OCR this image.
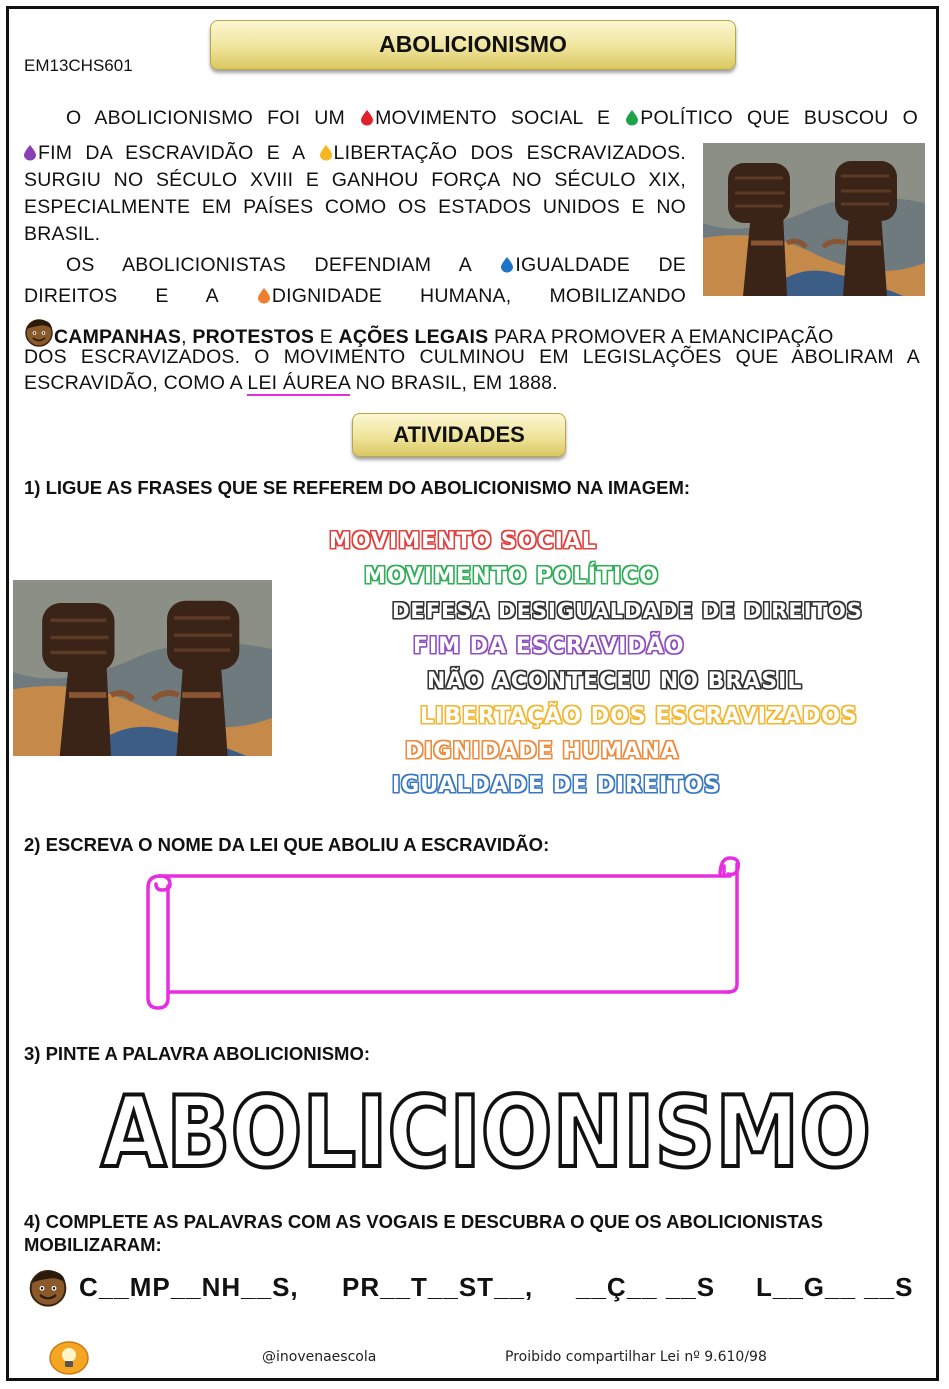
EM13CHS601
ABOLICIONISMO
O ABOLICIONISMO FOI UM MOVIMENTO SOCIAL E POLÍTICO QUE BUSCOU O
FIM DA ESCRAVIDÃO E A LIBERTAÇÃO DOS ESCRAVIZADOS.
SURGIU NO SÉCULO XVIII E GANHOU FORÇA NO SÉCULO XIX,
ESPECIALMENTE EM PAÍSES COMO OS ESTADOS UNIDOS E NO
BRASIL.
OS ABOLICIONISTAS DEFENDIAM A IGUALDADE DE
DIREITOS E A	DIGNIDADE HUMANA, MOBILIZANDO
CAMPANHAS, PROTESTOS E AÇÕES LEGAIS PARA PROMOVER A EMANCIPAÇÃO
DOS ESCRAVIZADOS. O MOVIMENTO CULMINOU EM LEGISLAÇÕES QUE ABOLIRAM A
ESCRAVIDÃO, COMO A LEI ÁUREA NO BRASIL, EM 1888.
ATIVIDADES
1) LIGUE AS FRASES QUE SE REFEREM DO ABOLICIONISMO NA IMAGEM:
MOVIMENTO SOCIAL
MOVIMENTO POLÍTICO
DEFESA DESIGUALDADE DE DIREITOS
FIM DA ESCRAVIDÃO
NÃO ACONTECEU NO BRASIL
LIBERTAÇÃO DOS ESCRAVIZADOS
DIGNIDADE HUMANA
IGUALDADE DE DIREITOS
2) ESCREVA O NOME DA LEI QUE ABOLIU A ESCRAVIDÃO:
3) PINTE A PALAVRA ABOLICIONISMO:
ABOLICIONISMO
4) COMPLETE AS PALAVRAS COM AS VOGAIS E DESCUBRA O QUE OS ABOLICIONISTAS
MOBILIZARAM:
C__MP__NH__S, PR__T__ST__, __Ç__ __S L__G__ __S
@inovenaescola	Proibido compartilhar Lei nº 9.610/98
